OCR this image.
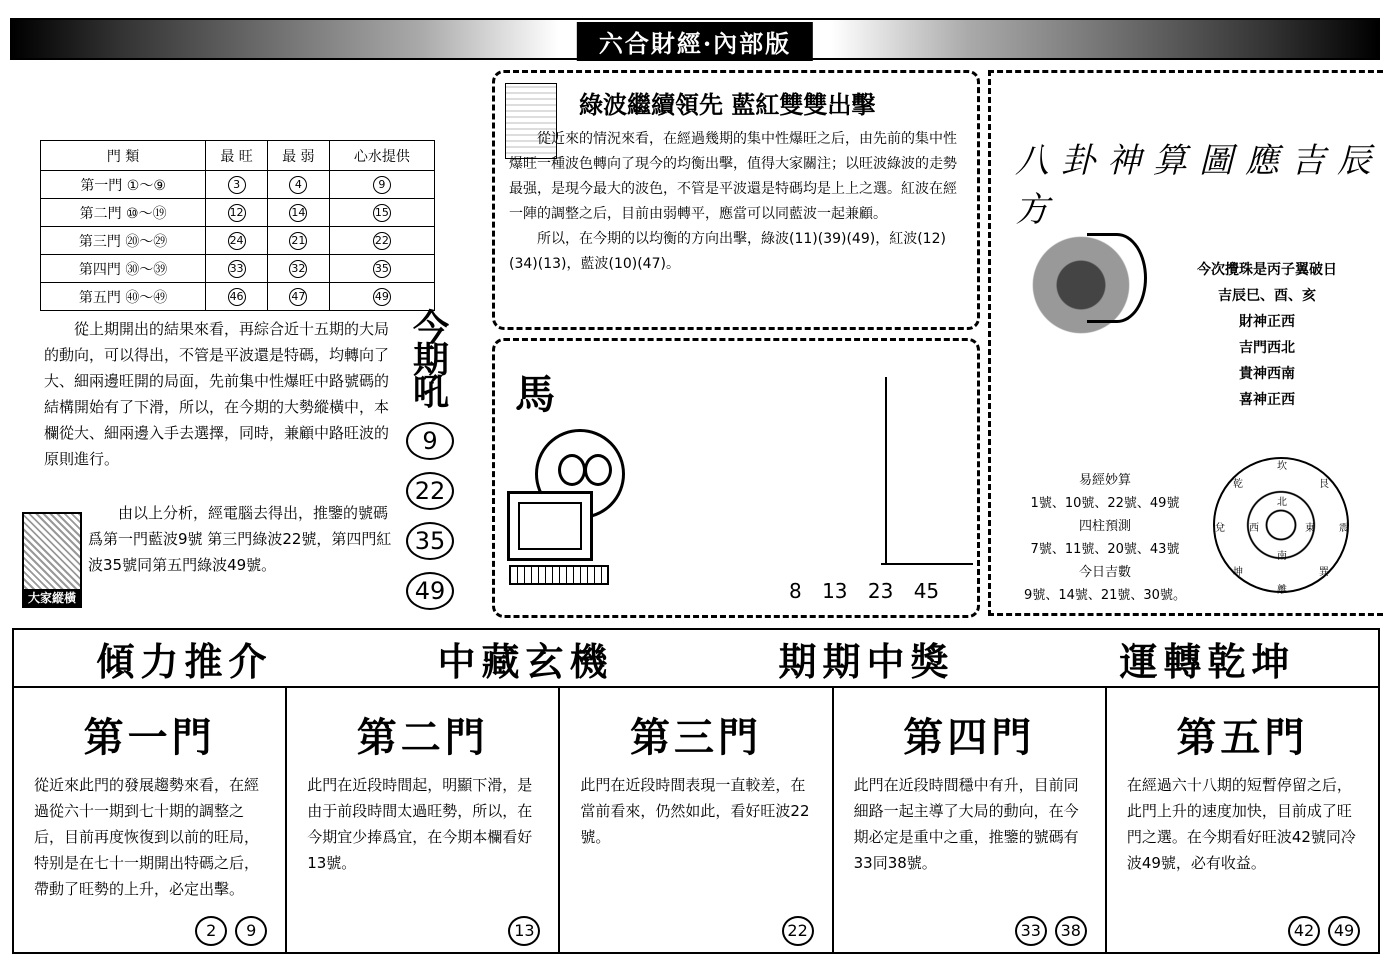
六合財經·內部版
門 類	最 旺	最 弱	心水提供
第一門 ①～⑨	3	4	9
第二門 ⑩～⑲	12	14	15
第三門 ⑳～㉙	24	21	22
第四門 ㉚～㊴	33	32	35
第五門 ㊵～㊾	46	47	49

從上期開出的結果來看，再綜合近十五期的大局的動向，可以得出，不管是平波還是特碼，均轉向了大、細兩邊旺開的局面，先前集中性爆旺中路號碼的結構開始有了下滑，所以，在今期的大勢縱橫中，本欄從大、細兩邊入手去選擇，同時，兼顧中路旺波的原則進行。

大家縱橫

由以上分析，經電腦去得出，推鑒的號碼爲第一門藍波9號 第三門綠波22號，第四門紅波35號同第五門綠波49號。

今期吼
9
22
35
49
綠波繼續領先 藍紅雙雙出擊

從近來的情況來看，在經過幾期的集中性爆旺之后，由先前的集中性爆旺一種波色轉向了現今的均衡出擊，值得大家關注；以旺波綠波的走勢最强，是現今最大的波色，不管是平波還是特碼均是上上之選。紅波在經一陣的調整之后，目前由弱轉平，應當可以同藍波一起兼顧。

所以，在今期的以均衡的方向出擊，綠波(11)(39)(49)，紅波(12)(34)(13)，藍波(10)(47)。

馬
8 13 23 45
八卦神算圖應吉辰方
今次攪珠是丙子翼破日
吉辰巳、酉、亥
財神正西
吉門西北
貴神西南
喜神正西
易經妙算
1號、10號、22號、49號
四柱預測
7號、11號、20號、43號
今日吉數
9號、14號、21號、30號。
坎
離
震
兌
艮
乾
巽
坤
北
南
東
西
傾力推介	中藏玄機	期期中獎	運轉乾坤
第一門
從近來此門的發展趨勢來看，在經過從六十一期到七十期的調整之后，目前再度恢復到以前的旺局，特别是在七十一期開出特碼之后，帶動了旺勢的上升，必定出擊。
2	9
第二門
此門在近段時間起，明顯下滑，是由于前段時間太過旺勢，所以，在今期宜少捧爲宜，在今期本欄看好13號。
13
第三門
此門在近段時間表現一直較差，在當前看來，仍然如此，看好旺波22號。
22
第四門
此門在近段時間穩中有升，目前同細路一起主導了大局的動向，在今期必定是重中之重，推鑒的號碼有33同38號。
33	38
第五門
在經過六十八期的短暫停留之后，此門上升的速度加快，目前成了旺門之選。在今期看好旺波42號同冷波49號，必有收益。
42	49
